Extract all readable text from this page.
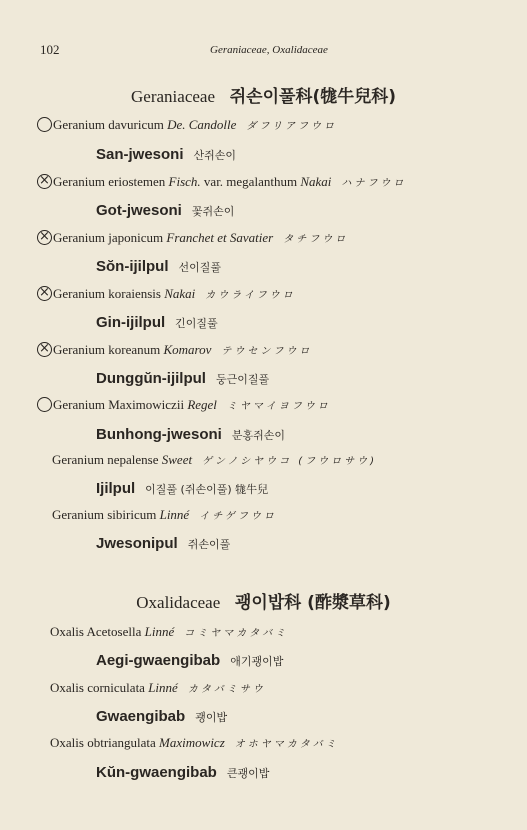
102	Geraniaceae, Oxalidaceae
Geraniaceae 쥐손이풀科(牻牛兒科)
Geranium davuricum De. Candolle ダフリアフウロ
San-jwesoni 산쥐손이
×Geranium eriostemen Fisch. var. megalanthum Nakai ハナフウロ
Got-jwesoni 꽃쥐손이
×Geranium japonicum Franchet et Savatier タチフウロ
Sŏn-ijilpul 선이질풀
×Geranium koraiensis Nakai カウライフウロ
Gin-ijilpul 긴이질풀
×Geranium koreanum Komarov テウセンフウロ
Dunggŭn-ijilpul 둥근이질풀
Geranium Maximowiczii Regel ミヤマイヨフウロ
Bunhong-jwesoni 분홍쥐손이
Geranium nepalense Sweet ゲンノシヤウコ (フウロサウ)
Ijilpul 이질풀 (쥐손이풀) 牻牛兒
Geranium sibiricum Linné イチゲフウロ
Jwesonipul 쥐손이풀
Oxalidaceae 괭이밥科 (酢漿草科)
Oxalis Acetosella Linné コミヤマカタバミ
Aegi-gwaengibab 애기괭이밥
Oxalis corniculata Linné カタバミサウ
Gwaengibab 괭이밥
Oxalis obtriangulata Maximowicz オホヤマカタバミ
Kŭn-gwaengibab 큰괭이밥
